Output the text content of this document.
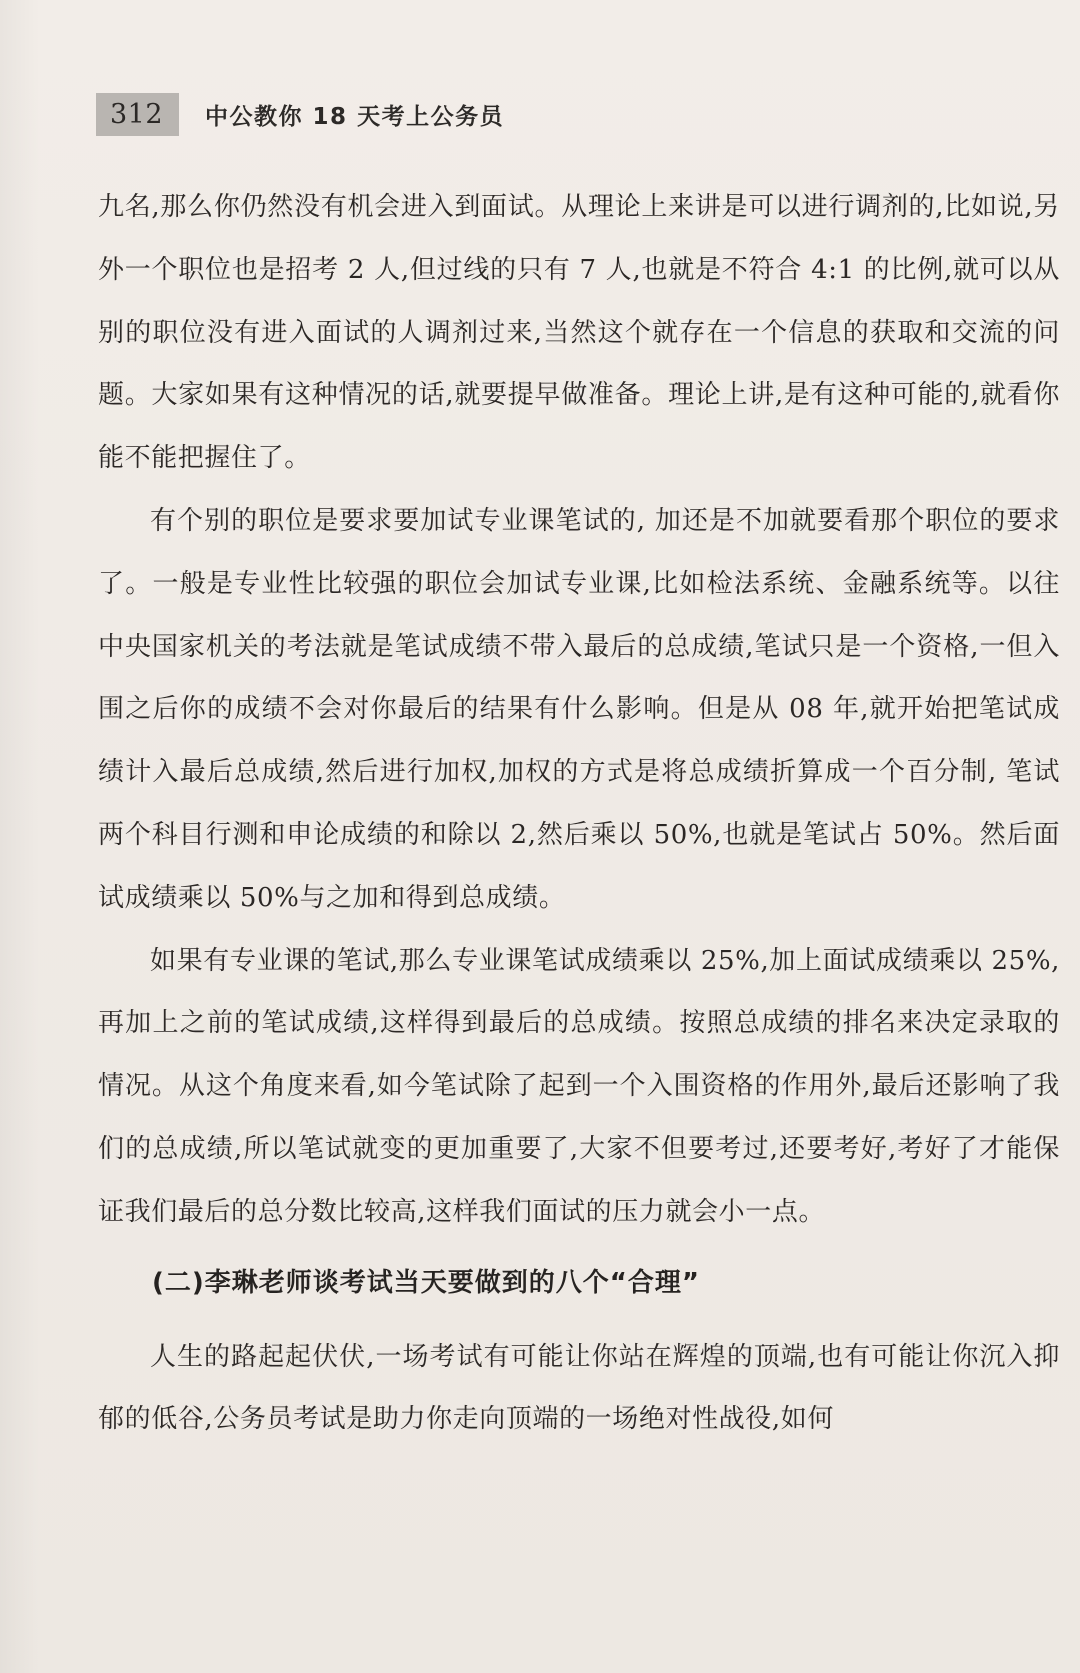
312	中公教你 18 天考上公务员

九名,那么你仍然没有机会进入到面试。从理论上来讲是可以进行调剂的,比如说,另外一个职位也是招考 2 人,但过线的只有 7 人,也就是不符合 4:1 的比例,就可以从别的职位没有进入面试的人调剂过来,当然这个就存在一个信息的获取和交流的问题。大家如果有这种情况的话,就要提早做准备。理论上讲,是有这种可能的,就看你能不能把握住了。

有个别的职位是要求要加试专业课笔试的, 加还是不加就要看那个职位的要求了。一般是专业性比较强的职位会加试专业课,比如检法系统、金融系统等。以往中央国家机关的考法就是笔试成绩不带入最后的总成绩,笔试只是一个资格,一但入围之后你的成绩不会对你最后的结果有什么影响。但是从 08 年,就开始把笔试成绩计入最后总成绩,然后进行加权,加权的方式是将总成绩折算成一个百分制, 笔试两个科目行测和申论成绩的和除以 2,然后乘以 50%,也就是笔试占 50%。然后面试成绩乘以 50%与之加和得到总成绩。

如果有专业课的笔试,那么专业课笔试成绩乘以 25%,加上面试成绩乘以 25%,再加上之前的笔试成绩,这样得到最后的总成绩。按照总成绩的排名来决定录取的情况。从这个角度来看,如今笔试除了起到一个入围资格的作用外,最后还影响了我们的总成绩,所以笔试就变的更加重要了,大家不但要考过,还要考好,考好了才能保证我们最后的总分数比较高,这样我们面试的压力就会小一点。

(二)李琳老师谈考试当天要做到的八个“合理”

人生的路起起伏伏,一场考试有可能让你站在辉煌的顶端,也有可能让你沉入抑郁的低谷,公务员考试是助力你走向顶端的一场绝对性战役,如何
